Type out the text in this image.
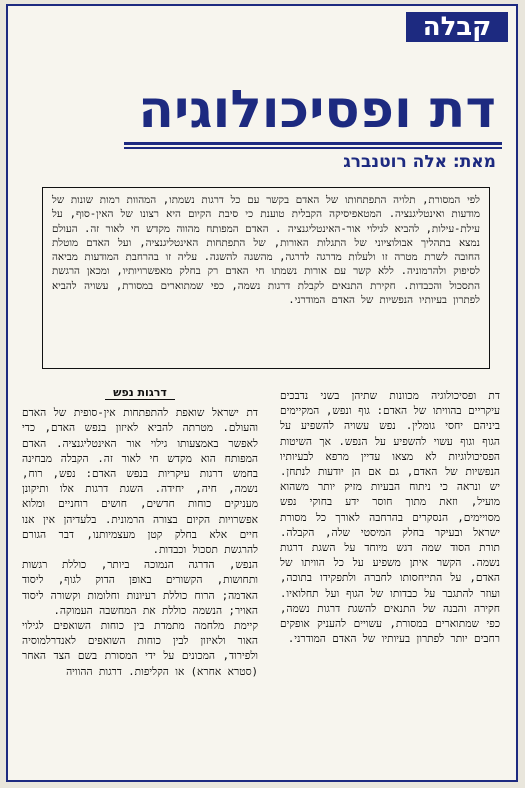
קבלה
דת ופסיכולוגיה
מאת: אלה רוטנברג

לפי המסורת, תלויה התפתחותו של האדם בקשר עם כל דרגות נשמתו, המהוות רמות שונות של מודעות ואינטליגנציה. המטאפיסיקה הקבלית טוענת כי סיבת הקיום היא רצונו של האין-סוף, על עילת-עילות, להביא לגילוי אור-האינטליגנציה . האדם המפותח מהווה מקדש חי לאור זה. העולם נמצא בתהליך אבולוציוני של התגלות האורות, של התפתחות האינטליגנציה, ועל האדם מוטלת החובה לשרת מטרה זו ולעלות מדרגה לדרגה, מהשגה להשגה. עליה זו בהרחבת המודעות מביאה לסיפוק ולהרמוניה. ללא קשר עם אורות נשמתו חי האדם רק בחלק מאפשרויותיו, ומכאן הרגשת התסכול והכבדות. חקירת התנאים לקבלת דרגות נשמה, כפי שמתוארים במסורת, עשויה להביא לפתרון בעיותיו הנפשיות של האדם המודרני.

דת ופסיכולוגיה מכוונות שתיהן בשני נדבכים עיקריים בהוויתו של האדם: גוף ונפש, המקיימים ביניהם יחסי גומלין. נפש עשויה להשפיע על הגוף וגוף עשוי להשפיע על הנפש. אך השיטות הפסיכולוגיות לא מצאו עדיין מרפא לבעיותיו הנפשיות של האדם, גם אם הן יודעות לנתחן. יש ונראה כי ניתוח הבעיות מזיק יותר משהוא מועיל, וזאת מתוך חוסר ידע בחוקי נפש מסויימים, הנסקרים בהרחבה לאורך כל מסורת ישראל ובעיקר בחלק המיסטי שלה, הקבלה. תורת הסוד שמה דגש מיוחד על השגת דרגות נשמה. הקשר איתן משפיע על כל הוויתו של האדם, על התייחסותו לחברה ולתפקידו בתוכה, ועוזר להתגבר על כבדותו של הגוף ועל תחלואיו. חקירה והבנה של התנאים להשגת דרגות נשמה, כפי שמתוארים במסורת, עשויים להעניק אופקים רחבים יותר לפתרון בעיותיו של האדם המודרני.

דרגות נפש

דת ישראל שואפת להתפתחות אין-סופית של האדם והעולם. מטרתה להביא לאיזון בנפש האדם, כדי לאפשר באמצעותו גילוי אור האינטליגנציה. האדם המפותח הוא מקדש חי לאור זה. הקבלה מבחינה בחמש דרגות עיקריות בנפש האדם: נפש, רוח, נשמה, חיה, יחידה. השגת דרגות אלו ותיקונן מעניקים כוחות חדשים, חושים רוחניים ומלוא אפשרויות הקיום בצורה הרמונית. בלעדיהן אין אנו חיים אלא בחלק קטן מעצמיותנו, דבר הגורם להרגשת תסכול וכבדות.

הנפש, הדרגה הנמוכה ביותר, כוללת רגשות ותחושות, הקשורים באופן הדוק לגוף, ליסוד האדמה; הרוח כוללת רעיונות וחלומות וקשורה ליסוד האויר; הנשמה כוללת את המחשבה העמוקה.

קיימת מלחמה מתמדת בין כוחות השואפים לגילוי האור ולאיזון לבין כוחות השואפים לאנדרלמוסיה ולפירוד, המכונים על ידי המסורת בשם הצד האחר (סטרא אחרא) או הקליפות. דרגות ההוויה
